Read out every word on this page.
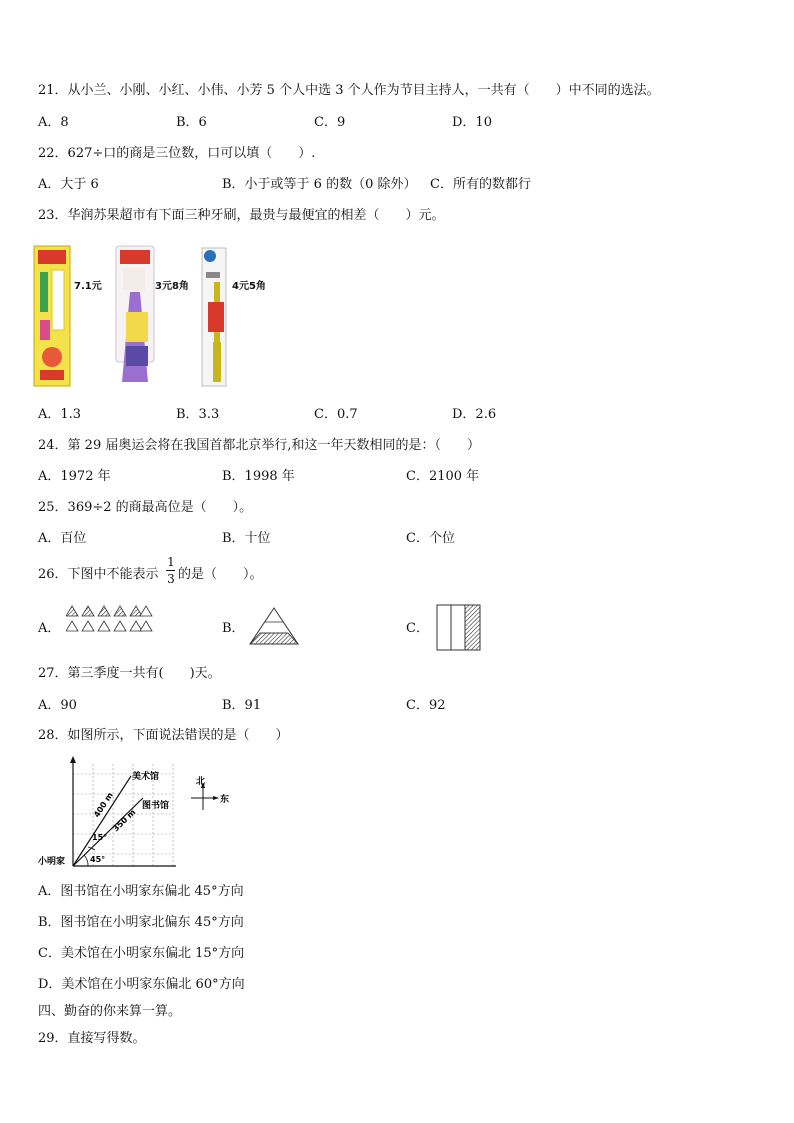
21．从小兰、小刚、小红、小伟、小芳 5 个人中选 3 个人作为节目主持人，一共有（　　）中不同的选法。
A．8	B．6	C．9	D．10
22．627÷口的商是三位数，口可以填（　　）.
A．大于 6	B．小于或等于 6 的数（0 除外） C．所有的数都行
23．华润苏果超市有下面三种牙刷，最贵与最便宜的相差（　　）元。
7.1元	3元8角	4元5角
A．1.3	B．3.3	C．0.7	D．2.6
24．第 29 届奥运会将在我国首都北京举行,和这一年天数相同的是：（　　）
A．1972 年	B．1998 年	C．2100 年
25．369÷2 的商最高位是（　　）。
A．百位	B．十位	C．个位
26．下图中不能表示
1
3 的是（　　）。
A．	B．	C．
27．第三季度一共有(　　)天。
A．90	B．91	C．92
28．如图所示，下面说法错误的是（　　）
美术馆
图书馆
小明家
400 m
350 m
15°
45°
北
东
A．图书馆在小明家东偏北 45°方向
B．图书馆在小明家北偏东 45°方向
C．美术馆在小明家东偏北 15°方向
D．美术馆在小明家东偏北 60°方向
四、勤奋的你来算一算。
29．直接写得数。
